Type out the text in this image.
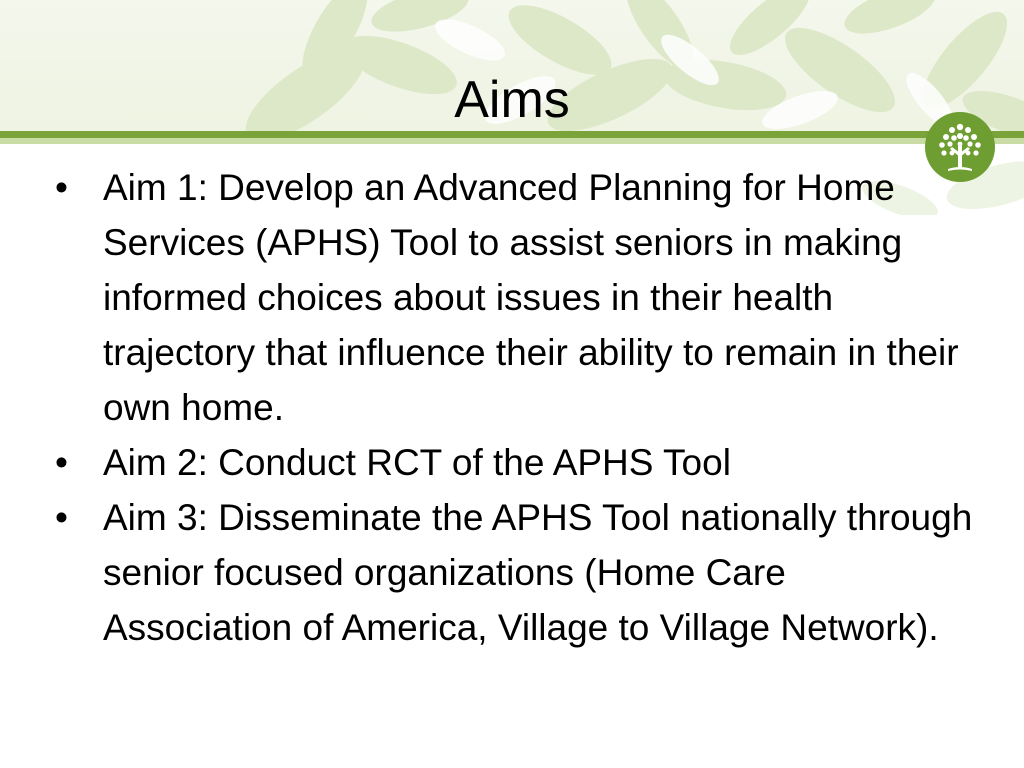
Aims
• Aim 1: Develop an Advanced Planning for Home Services (APHS) Tool to assist seniors in making informed choices about issues in their health trajectory that influence their ability to remain in their own home.
• Aim 2: Conduct RCT of the APHS Tool
• Aim 3: Disseminate the APHS Tool nationally through senior focused organizations (Home Care Association of America, Village to Village Network).
